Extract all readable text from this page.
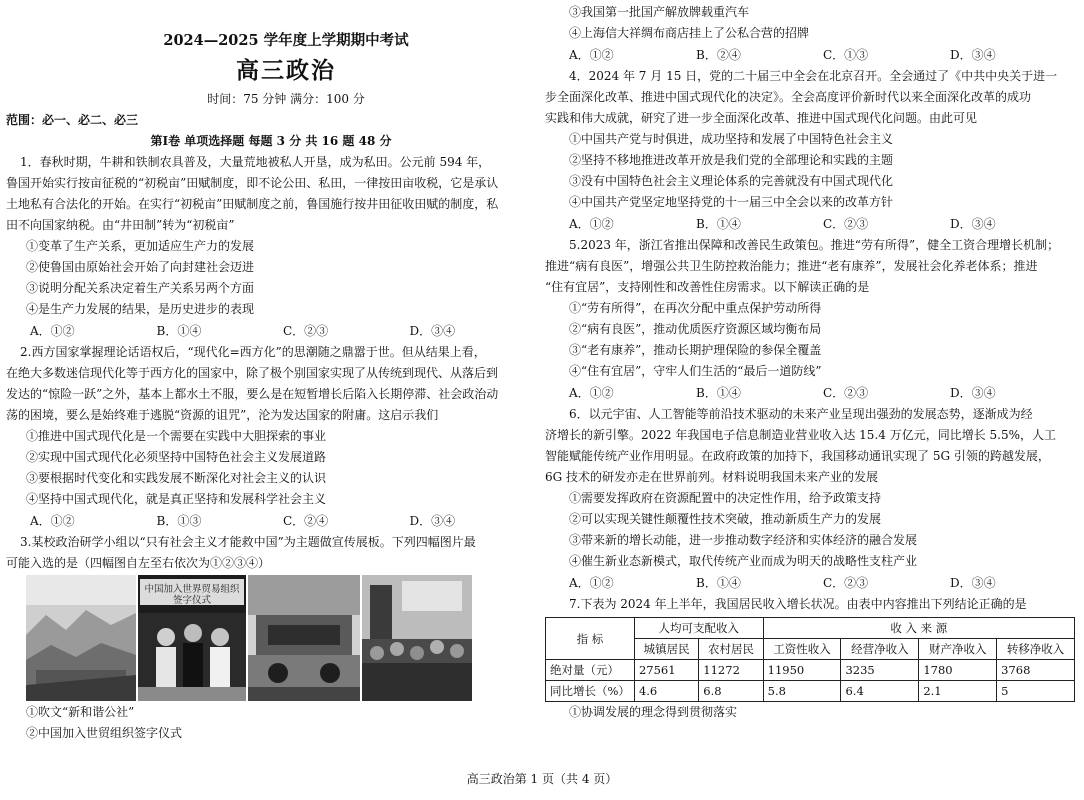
2024—2025 学年度上学期期中考试
高三政治
时间：75 分钟 满分：100 分
范围：必一、必二、必三
第Ⅰ卷 单项选择题 每题 3 分 共 16 题 48 分
1．春秋时期，牛耕和铁制农具普及，大量荒地被私人开垦，成为私田。公元前 594 年，
鲁国开始实行按亩征税的“初税亩”田赋制度，即不论公田、私田，一律按田亩收税，它是承认
土地私有合法化的开始。在实行“初税亩”田赋制度之前，鲁国施行按井田征收田赋的制度，私
田不向国家纳税。由“井田制”转为“初税亩”
①变革了生产关系，更加适应生产力的发展
②使鲁国由原始社会开始了向封建社会迈进
③说明分配关系决定着生产关系另两个方面
④是生产力发展的结果，是历史进步的表现
A．①②	B．①④	C．②③	D．③④
2.西方国家掌握理论话语权后，“现代化=西方化”的思潮随之鼎嚣于世。但从结果上看，
在绝大多数迷信现代化等于西方化的国家中，除了极个别国家实现了从传统到现代、从落后到
发达的“惊险一跃”之外，基本上都水土不服，要么是在短暂增长后陷入长期停滞、社会政治动
荡的困境，要么是始终难于逃脱“资源的诅咒”，沦为发达国家的附庸。这启示我们
①推进中国式现代化是一个需要在实践中大胆探索的事业
②实现中国式现代化必须坚持中国特色社会主义发展道路
③要根据时代变化和实践发展不断深化对社会主义的认识
④坚持中国式现代化，就是真正坚持和发展科学社会主义
A．①②	B．①③	C．②④	D．③④
3.某校政治研学小组以“只有社会主义才能救中国”为主题做宣传展板。下列四幅图片最
可能入选的是（四幅图自左至右依次为①②③④）
中国加入世界贸易组织签字仪式
①吹文“新和谐公社”
②中国加入世贸组织签字仪式
③我国第一批国产解放牌载重汽车
④上海信大祥绸布商店挂上了公私合营的招牌
A．①②	B．②④	C．①③	D．③④
4．2024 年 7 月 15 日，党的二十届三中全会在北京召开。全会通过了《中共中央关于进一
步全面深化改革、推进中国式现代化的决定》。全会高度评价新时代以来全面深化改革的成功
实践和伟大成就，研究了进一步全面深化改革、推进中国式现代化问题。由此可见
①中国共产党与时俱进，成功坚持和发展了中国特色社会主义
②坚持不移地推进改革开放是我们党的全部理论和实践的主题
③没有中国特色社会主义理论体系的完善就没有中国式现代化
④中国共产党坚定地坚持党的十一届三中全会以来的改革方针
A．①②	B．①④	C．②③	D．③④
5.2023 年，浙江省推出保障和改善民生政策包。推进“劳有所得”，健全工资合理增长机制；
推进“病有良医”，增强公共卫生防控救治能力；推进“老有康养”，发展社会化养老体系；推进
“住有宜居”，支持刚性和改善性住房需求。以下解读正确的是
①“劳有所得”，在再次分配中重点保护劳动所得
②“病有良医”，推动优质医疗资源区域均衡布局
③“老有康养”，推动长期护理保险的参保全覆盖
④“住有宜居”，守牢人们生活的“最后一道防线”
A．①②	B．①④	C．②③	D．③④
6．以元宇宙、人工智能等前沿技术驱动的未来产业呈现出强劲的发展态势，逐渐成为经
济增长的新引擎。2022 年我国电子信息制造业营业收入达 15.4 万亿元，同比增长 5.5%，人工
智能赋能传统产业作用明显。在政府政策的加持下，我国移动通讯实现了 5G 引领的跨越发展，
6G 技术的研发亦走在世界前列。材料说明我国未来产业的发展
①需要发挥政府在资源配置中的决定性作用，给予政策支持
②可以实现关键性颠覆性技术突破，推动新质生产力的发展
③带来新的增长动能，进一步推动数字经济和实体经济的融合发展
④催生新业态新模式，取代传统产业而成为明天的战略性支柱产业
A．①②	B．①④	C．②③	D．③④
7.下表为 2024 年上半年，我国居民收入增长状况。由表中内容推出下列结论正确的是
指 标	人均可支配收入		收 入 来 源			
	城镇居民	农村居民	工资性收入	经营净收入	财产净收入	转移净收入
绝对量（元）	27561	11272	11950	3235	1780	3768
同比增长（%）	4.6	6.8	5.8	6.4	2.1	5
①协调发展的理念得到贯彻落实
高三政治第 1 页（共 4 页）
